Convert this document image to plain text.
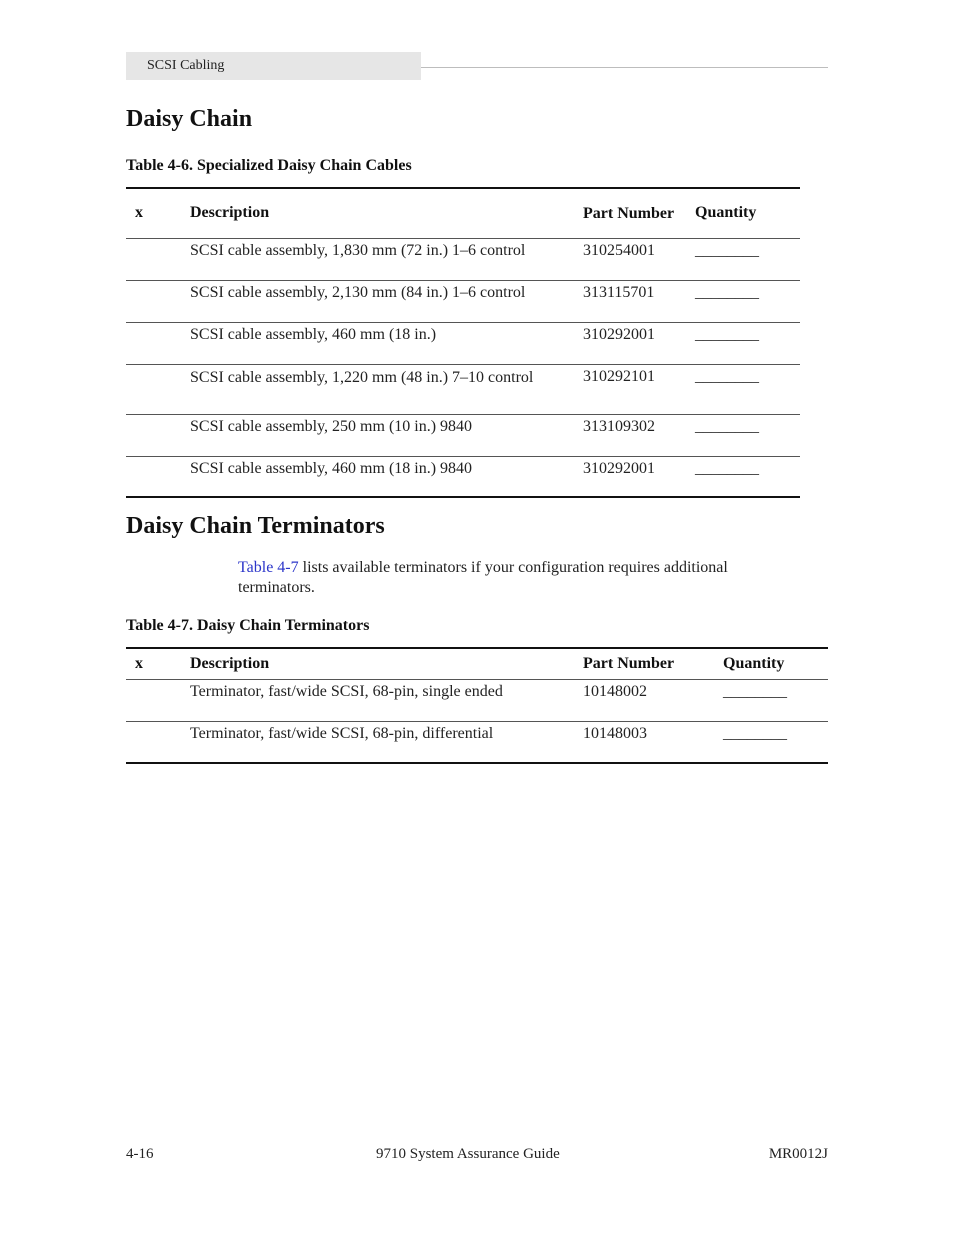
SCSI Cabling
Daisy Chain

Table 4-6. Specialized Daisy Chain Cables

x	Description	Part Number	Quantity
	SCSI cable assembly, 1,830 mm (72 in.) 1–6 control	310254001	________
	SCSI cable assembly, 2,130 mm (84 in.) 1–6 control	313115701	________
	SCSI cable assembly, 460 mm (18 in.)	310292001	________
	SCSI cable assembly, 1,220 mm (48 in.) 7–10 control	310292101	________
	SCSI cable assembly, 250 mm (10 in.) 9840	313109302	________
	SCSI cable assembly, 460 mm (18 in.) 9840	310292001	________
Daisy Chain Terminators

Table 4-7 lists available terminators if your configuration requires additional terminators.

Table 4-7. Daisy Chain Terminators

x	Description	Part Number	Quantity
	Terminator, fast/wide SCSI, 68-pin, single ended	10148002	________
	Terminator, fast/wide SCSI, 68-pin, differential	10148003	________
4-16	9710 System Assurance Guide	MR0012J
